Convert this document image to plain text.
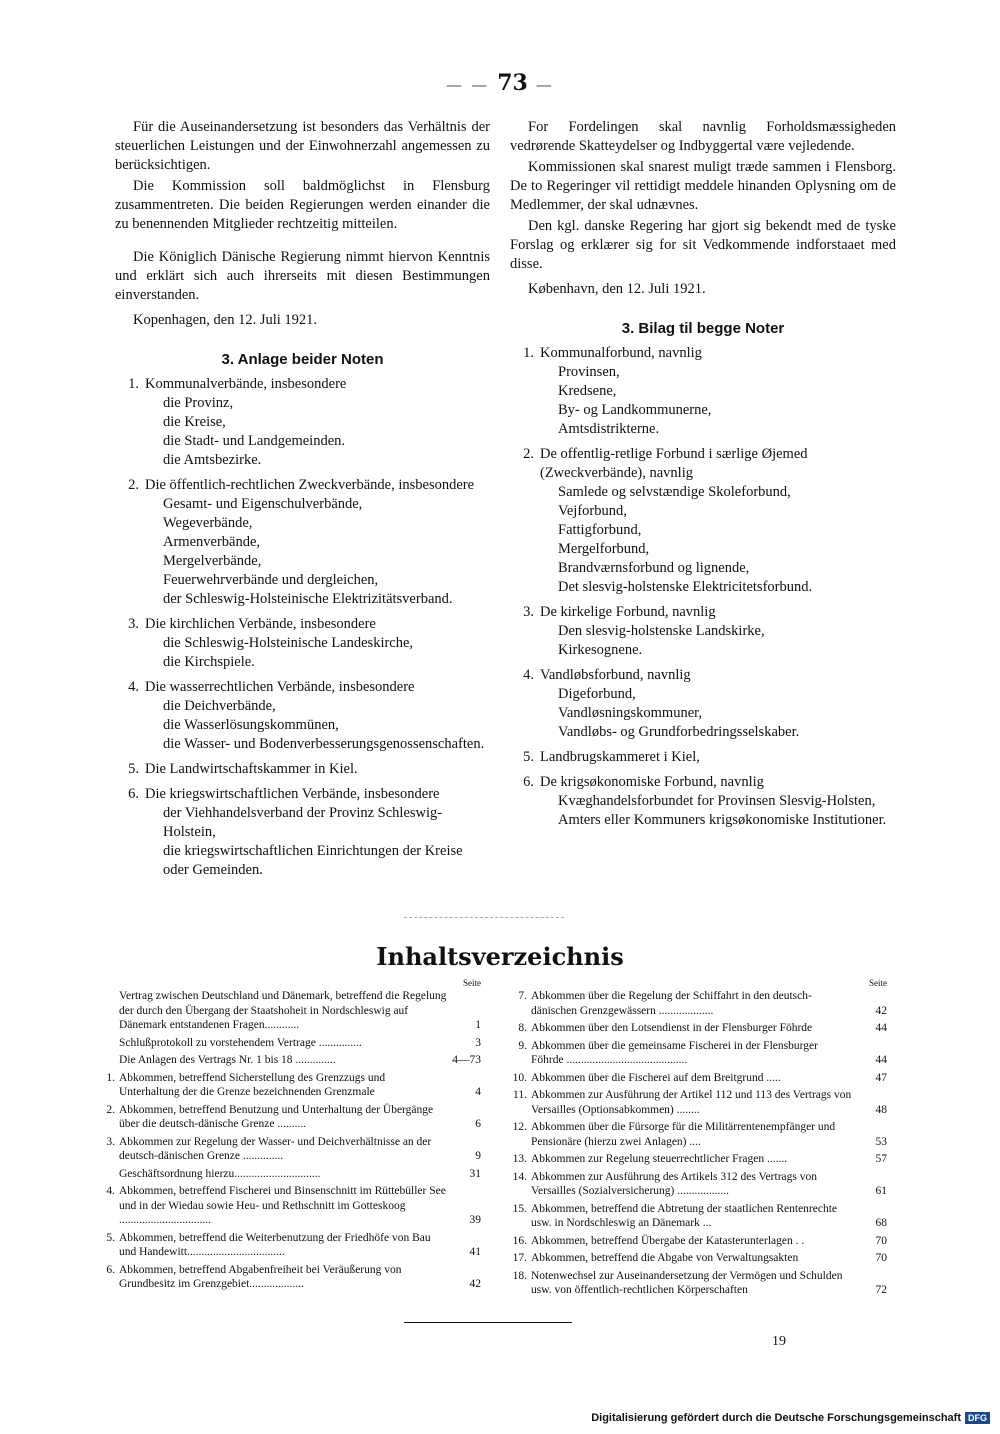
— — 73 —

Für die Auseinandersetzung ist besonders das Verhältnis der steuerlichen Leistungen und der Einwohnerzahl angemessen zu berücksichtigen.

Die Kommission soll baldmöglichst in Flensburg zusammentreten. Die beiden Regierungen werden einander die zu benennenden Mitglieder rechtzeitig mitteilen.

Die Königlich Dänische Regierung nimmt hiervon Kenntnis und erklärt sich auch ihrerseits mit diesen Bestimmungen einverstanden.

Kopenhagen, den 12. Juli 1921.

3. Anlage beider Noten
1. Kommunalverbände, insbesondere
die Provinz,
die Kreise,
die Stadt- und Landgemeinden.
die Amtsbezirke.
2. Die öffentlich-rechtlichen Zweckverbände, insbesondere
Gesamt- und Eigenschulverbände,
Wegeverbände,
Armenverbände,
Mergelverbände,
Feuerwehrverbände und dergleichen,
der Schleswig-Holsteinische Elektrizitätsverband.
3. Die kirchlichen Verbände, insbesondere
die Schleswig-Holsteinische Landeskirche,
die Kirchspiele.
4. Die wasserrechtlichen Verbände, insbesondere
die Deichverbände,
die Wasserlösungskommünen,
die Wasser- und Bodenverbesserungsgenossenschaften.
5. Die Landwirtschaftskammer in Kiel.
6. Die kriegswirtschaftlichen Verbände, insbesondere
der Viehhandelsverband der Provinz Schleswig-Holstein,
die kriegswirtschaftlichen Einrichtungen der Kreise oder Gemeinden.

For Fordelingen skal navnlig Forholdsmæssigheden vedrørende Skatteydelser og Indbyggertal være vejledende.

Kommissionen skal snarest muligt træde sammen i Flensborg. De to Regeringer vil rettidigt meddele hinanden Oplysning om de Medlemmer, der skal udnævnes.

Den kgl. danske Regering har gjort sig bekendt med de tyske Forslag og erklærer sig for sit Vedkommende indforstaaet med disse.

København, den 12. Juli 1921.

3. Bilag til begge Noter
1. Kommunalforbund, navnlig
Provinsen,
Kredsene,
By- og Landkommunerne,
Amtsdistrikterne.
2. De offentlig-retlige Forbund i særlige Øjemed (Zweckverbände), navnlig
Samlede og selvstændige Skoleforbund,
Vejforbund,
Fattigforbund,
Mergelforbund,
Brandværnsforbund og lignende,
Det slesvig-holstenske Elektricitetsforbund.
3. De kirkelige Forbund, navnlig
Den slesvig-holstenske Landskirke,
Kirkesognene.
4. Vandløbsforbund, navnlig
Digeforbund,
Vandløsningskommuner,
Vandløbs- og Grundforbedringsselskaber.
5. Landbrugskammeret i Kiel,
6. De krigsøkonomiske Forbund, navnlig
Kvæghandelsforbundet for Provinsen Slesvig-Holsten,
Amters eller Kommuners krigsøkonomiske Institutioner.
Inhaltsverzeichnis
Seite
Vertrag zwischen Deutschland und Dänemark, betreffend die Regelung der durch den Übergang der Staatshoheit in Nordschleswig auf Dänemark entstandenen Fragen............	1
Schlußprotokoll zu vorstehendem Vertrage ...............	3
Die Anlagen des Vertrags Nr. 1 bis 18 ..............	4—73
1. Abkommen, betreffend Sicherstellung des Grenzzugs und Unterhaltung der die Grenze bezeichnenden Grenzmale	4
2. Abkommen, betreffend Benutzung und Unterhaltung der Übergänge über die deutsch-dänische Grenze ..........	6
3. Abkommen zur Regelung der Wasser- und Deichverhältnisse an der deutsch-dänischen Grenze ..............	9
Geschäftsordnung hierzu..............................	31
4. Abkommen, betreffend Fischerei und Binsenschnitt im Rüttebüller See und in der Wiedau sowie Heu- und Rethschnitt im Gotteskoog ................................	39
5. Abkommen, betreffend die Weiterbenutzung der Friedhöfe von Bau und Handewitt..................................	41
6. Abkommen, betreffend Abgabenfreiheit bei Veräußerung von Grundbesitz im Grenzgebiet...................	42
Seite
7. Abkommen über die Regelung der Schiffahrt in den deutsch-dänischen Grenzgewässern ...................	42
8. Abkommen über den Lotsendienst in der Flensburger Föhrde	44
9. Abkommen über die gemeinsame Fischerei in der Flensburger Föhrde ..........................................	44
10. Abkommen über die Fischerei auf dem Breitgrund .....	47
11. Abkommen zur Ausführung der Artikel 112 und 113 des Vertrags von Versailles (Optionsabkommen) ........	48
12. Abkommen über die Fürsorge für die Militärrentenempfänger und Pensionäre (hierzu zwei Anlagen) ....	53
13. Abkommen zur Regelung steuerrechtlicher Fragen .......	57
14. Abkommen zur Ausführung des Artikels 312 des Vertrags von Versailles (Sozialversicherung) ..................	61
15. Abkommen, betreffend die Abtretung der staatlichen Rentenrechte usw. in Nordschleswig an Dänemark ...	68
16. Abkommen, betreffend Übergabe der Katasterunterlagen . .	70
17. Abkommen, betreffend die Abgabe von Verwaltungsakten	70
18. Notenwechsel zur Auseinandersetzung der Vermögen und Schulden usw. von öffentlich-rechtlichen Körperschaften	72
19
Digitalisierung gefördert durch die Deutsche Forschungsgemeinschaft DFG
